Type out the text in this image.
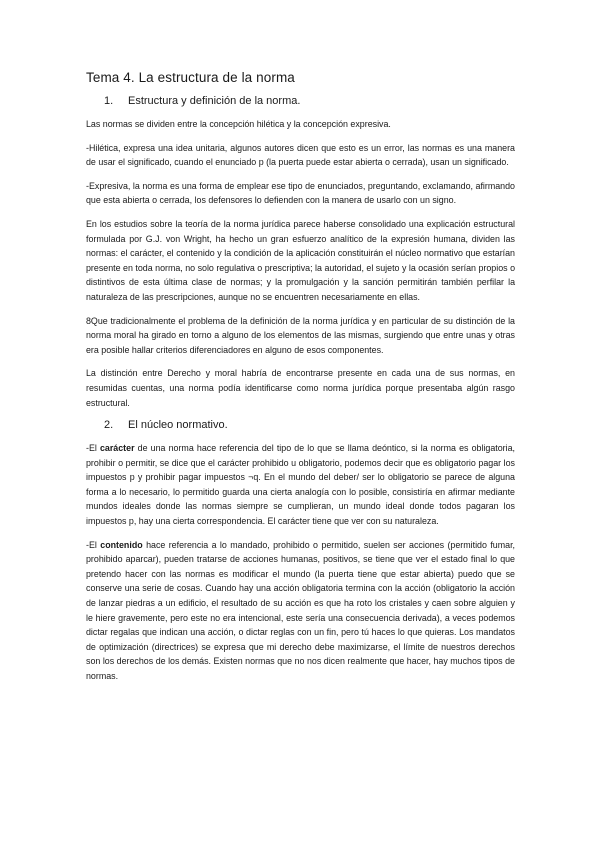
Tema 4. La estructura de la norma
1. Estructura y definición de la norma.

Las normas se dividen entre la concepción hilética y la concepción expresiva.

-Hilética, expresa una idea unitaria, algunos autores dicen que esto es un error, las normas es una manera de usar el significado, cuando el enunciado p (la puerta puede estar abierta o cerrada), usan un significado.

-Expresiva, la norma es una forma de emplear ese tipo de enunciados, preguntando, exclamando, afirmando que esta abierta o cerrada, los defensores lo defienden con la manera de usarlo con un signo.

En los estudios sobre la teoría de la norma jurídica parece haberse consolidado una explicación estructural formulada por G.J. von Wright, ha hecho un gran esfuerzo analítico de la expresión humana, dividen las normas: el carácter, el contenido y la condición de la aplicación constituirán el núcleo normativo que estarían presente en toda norma, no solo regulativa o prescriptiva; la autoridad, el sujeto y la ocasión serían propios o distintivos de esta última clase de normas; y la promulgación y la sanción permitirán también perfilar la naturaleza de las prescripciones, aunque no se encuentren necesariamente en ellas.

8Que tradicionalmente el problema de la definición de la norma jurídica y en particular de su distinción de la norma moral ha girado en torno a alguno de los elementos de las mismas, surgiendo que entre unas y otras era posible hallar criterios diferenciadores en alguno de esos componentes.

La distinción entre Derecho y moral habría de encontrarse presente en cada una de sus normas, en resumidas cuentas, una norma podía identificarse como norma jurídica porque presentaba algún rasgo estructural.

2. El núcleo normativo.

-El carácter de una norma hace referencia del tipo de lo que se llama deóntico, si la norma es obligatoria, prohibir o permitir, se dice que el carácter prohibido u obligatorio, podemos decir que es obligatorio pagar los impuestos p y prohibir pagar impuestos ¬q. En el mundo del deber/ ser lo obligatorio se parece de alguna forma a lo necesario, lo permitido guarda una cierta analogía con lo posible, consistiría en afirmar mediante mundos ideales donde las normas siempre se cumplieran, un mundo ideal donde todos pagaran los impuestos p, hay una cierta correspondencia. El carácter tiene que ver con su naturaleza.

-El contenido hace referencia a lo mandado, prohibido o permitido, suelen ser acciones (permitido fumar, prohibido aparcar), pueden tratarse de acciones humanas, positivos, se tiene que ver el estado final lo que pretendo hacer con las normas es modificar el mundo (la puerta tiene que estar abierta) puedo que se conserve una serie de cosas. Cuando hay una acción obligatoria termina con la acción (obligatorio la acción de lanzar piedras a un edificio, el resultado de su acción es que ha roto los cristales y caen sobre alguien y le hiere gravemente, pero este no era intencional, este sería una consecuencia derivada), a veces podemos dictar regalas que indican una acción, o dictar reglas con un fin, pero tú haces lo que quieras. Los mandatos de optimización (directrices) se expresa que mi derecho debe maximizarse, el límite de nuestros derechos son los derechos de los demás. Existen normas que no nos dicen realmente que hacer, hay muchos tipos de normas.
